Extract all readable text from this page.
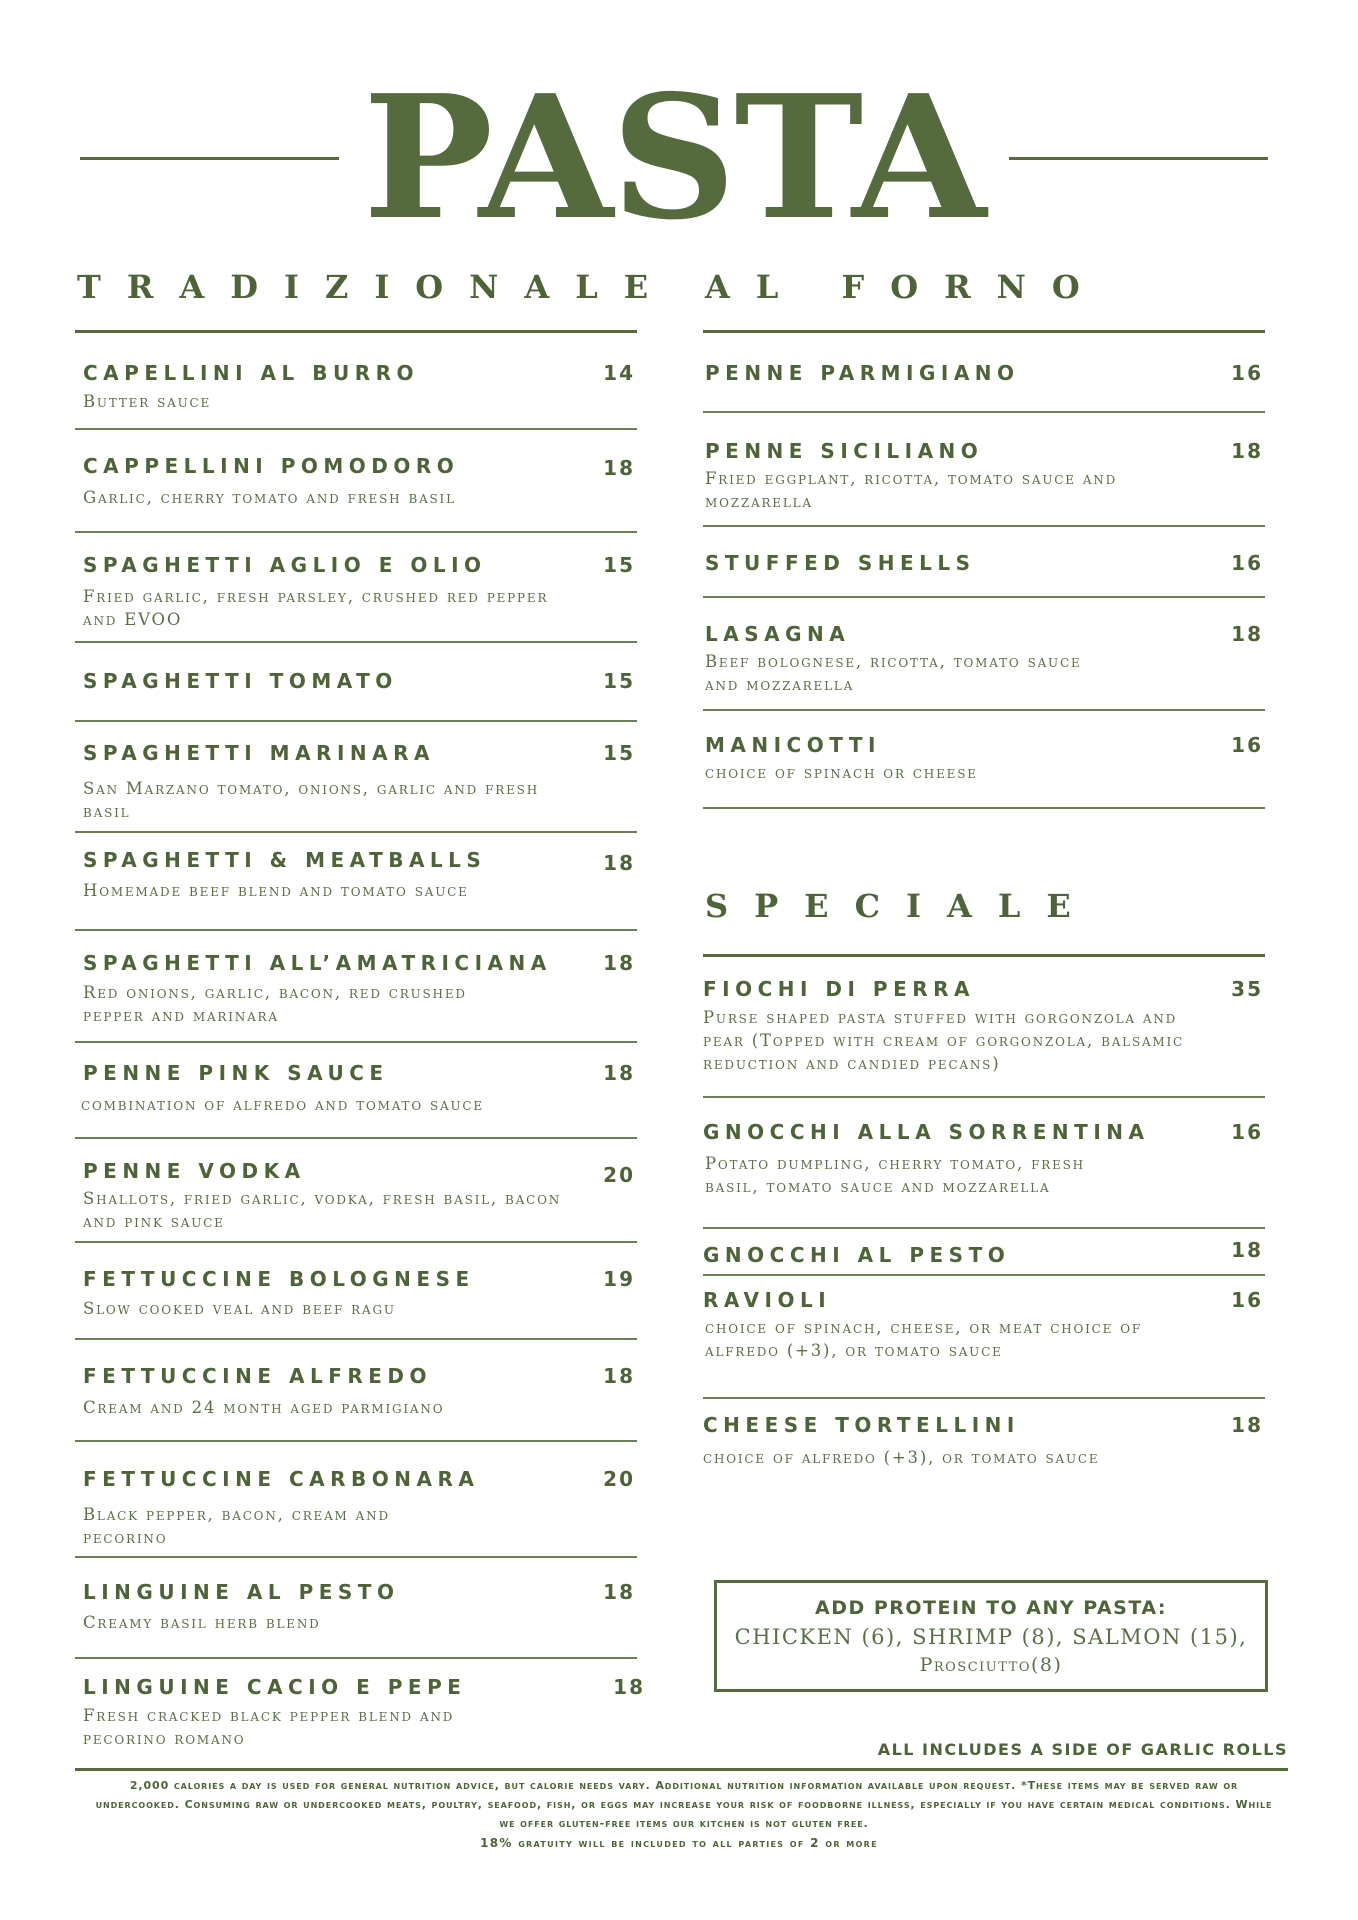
PASTA
TRADIZIONALE AL FORNO
SPECIALE
CAPELLINI AL BURRO	14
Butter sauce
CAPPELLINI POMODORO	18
Garlic, cherry tomato and fresh basil
SPAGHETTI AGLIO E OLIO	15
Fried garlic, fresh parsley, crushed red pepper and EVOO
SPAGHETTI TOMATO	15
SPAGHETTI MARINARA	15
San Marzano tomato, onions, garlic and fresh basil
SPAGHETTI & MEATBALLS	18
Homemade beef blend and tomato sauce
SPAGHETTI ALL’AMATRICIANA	18
Red onions, garlic, bacon, red crushed pepper and marinara
PENNE PINK SAUCE	18
combination of alfredo and tomato sauce
PENNE VODKA	20
Shallots, fried garlic, vodka, fresh basil, bacon and pink sauce
FETTUCCINE BOLOGNESE	19
Slow cooked veal and beef ragu
FETTUCCINE ALFREDO	18
Cream and 24 month aged parmigiano
FETTUCCINE CARBONARA	20
Black pepper, bacon, cream and pecorino
LINGUINE AL PESTO	18
Creamy basil herb blend
LINGUINE CACIO E PEPE	18
Fresh cracked black pepper blend and pecorino romano
PENNE PARMIGIANO	16
PENNE SICILIANO	18
Fried eggplant, ricotta, tomato sauce and mozzarella
STUFFED SHELLS	16
LASAGNA	18
Beef bolognese, ricotta, tomato sauce and mozzarella
MANICOTTI	16
choice of spinach or cheese
FIOCHI DI PERRA	35
Purse shaped pasta stuffed with gorgonzola and pear (Topped with cream of gorgonzola, balsamic reduction and candied pecans)
GNOCCHI ALLA SORRENTINA	16
Potato dumpling, cherry tomato, fresh basil, tomato sauce and mozzarella
GNOCCHI AL PESTO	18
RAVIOLI	16
choice of spinach, cheese, or meat choice of alfredo (+3), or tomato sauce
CHEESE TORTELLINI	18
choice of alfredo (+3), or tomato sauce
ADD PROTEIN TO ANY PASTA:
CHICKEN (6), SHRIMP (8), SALMON (15),
Prosciutto(8)
ALL INCLUDES A SIDE OF GARLIC ROLLS
2,000 calories a day is used for general nutrition advice, but calorie needs vary. Additional nutrition information available upon request. *These items may be served raw or undercooked. Consuming raw or undercooked meats, poultry, seafood, fish, or eggs may increase your risk of foodborne illness, especially if you have certain medical conditions. While we offer gluten-free items our kitchen is not gluten free.
18% gratuity will be included to all parties of 2 or more
